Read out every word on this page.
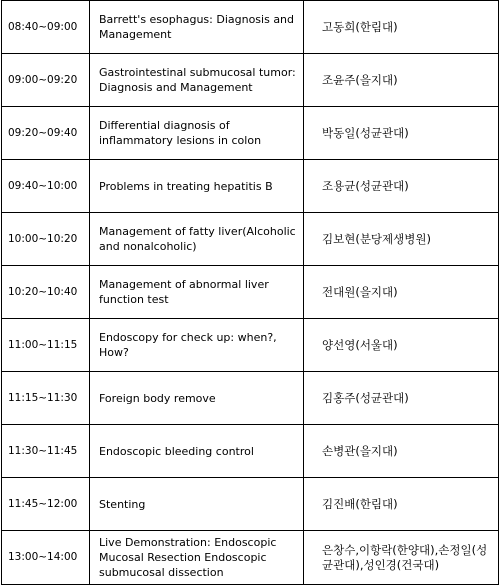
08:40~09:00	Barrett's esophagus: Diagnosis and Management	고동희(한림대)
09:00~09:20	Gastrointestinal submucosal tumor: Diagnosis and Management	조윤주(을지대)
09:20~09:40	Differential diagnosis of inflammatory lesions in colon	박동일(성균관대)
09:40~10:00	Problems in treating hepatitis B	조용균(성균관대)
10:00~10:20	Management of fatty liver(Alcoholic and nonalcoholic)	김보현(분당제생병원)
10:20~10:40	Management of abnormal liver function test	전대원(을지대)
11:00~11:15	Endoscopy for check up: when?, How?	양선영(서울대)
11:15~11:30	Foreign body remove	김홍주(성균관대)
11:30~11:45	Endoscopic bleeding control	손병관(을지대)
11:45~12:00	Stenting	김진배(한림대)
13:00~14:00	Live Demonstration: Endoscopic Mucosal Resection Endoscopic submucosal dissection	은창수,이항락(한양대),손정일(성균관대),성인경(건국대)
